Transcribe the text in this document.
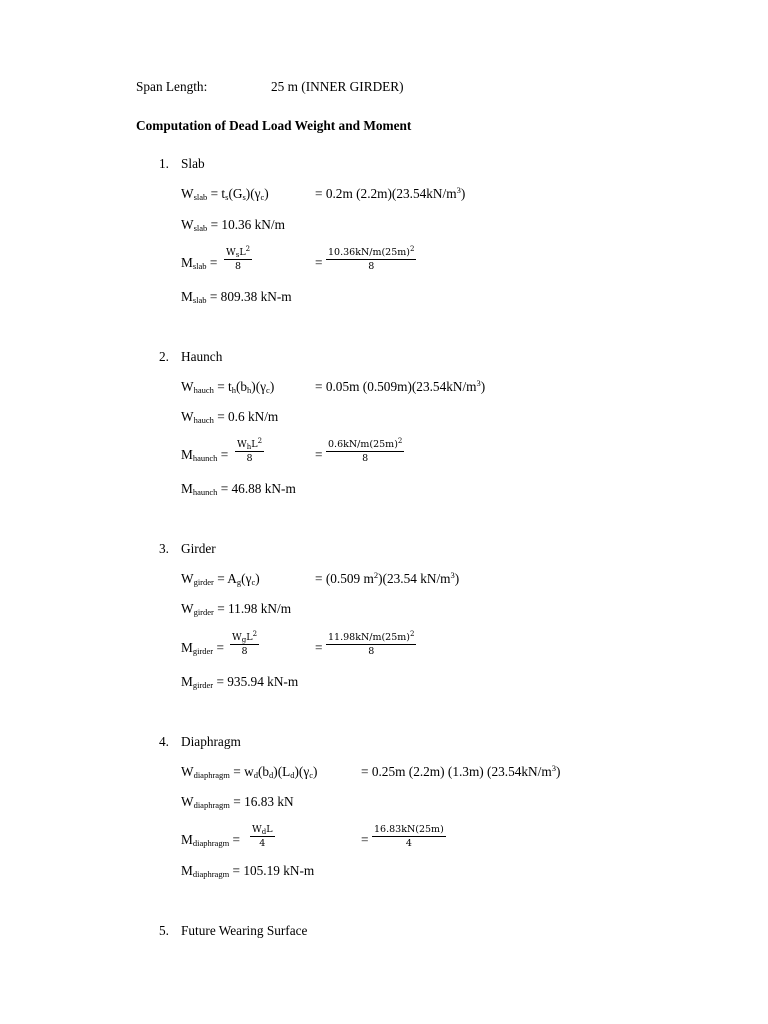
Span Length:	25 m (INNER GIRDER)
Computation of Dead Load Weight and Moment
1. Slab
$W_{slab} = t_s(G_s)(\gamma_c)$	= 0.2m $(2.2m)(23.54kN/m^3)$
$W_{slab} = 10.36$ kN/m
$M_{slab}$ =
$W_sL^2$
8	= $\frac{10.36kN/m(25m)^2}{8}$
$M_{slab} = 809.38$ kN-m
2. Haunch
$W_{hauch} = t_h(b_h)(\gamma_c)$	= 0.05m $(0.509m)(23.54kN/m^3)$
$W_{hauch} = 0.6$ kN/m
$M_{haunch}$ =
$W_hL^2$
8	= $\frac{0.6kN/m(25m)^2}{8}$
$M_{haunch} = 46.88$ kN-m
3. Girder
$W_{girder} = A_g(\gamma_c)$	= (0.509 $m^2)(23.54$ $kN/m^3$)
$W_{girder} = 11.98$ kN/m
$M_{girder}$ =
$W_gL^2$
8	= $\frac{11.98kN/m(25m)^2}{8}$
$M_{girder} = 935.94$ kN-m
4. Diaphragm
$W_{diaphragm} = w_d(b_d)(L_d)(\gamma_c)$	= 0.25m (2.2m) (1.3m) $(23.54kN/m^3)$
$W_{diaphragm} = 16.83$ kN
$M_{diaphragm}$ =
$W_dL$
4	= $\frac{16.83kN(25m)}{4}$
$M_{diaphragm} = 105.19$ kN-m
5. Future Wearing Surface
